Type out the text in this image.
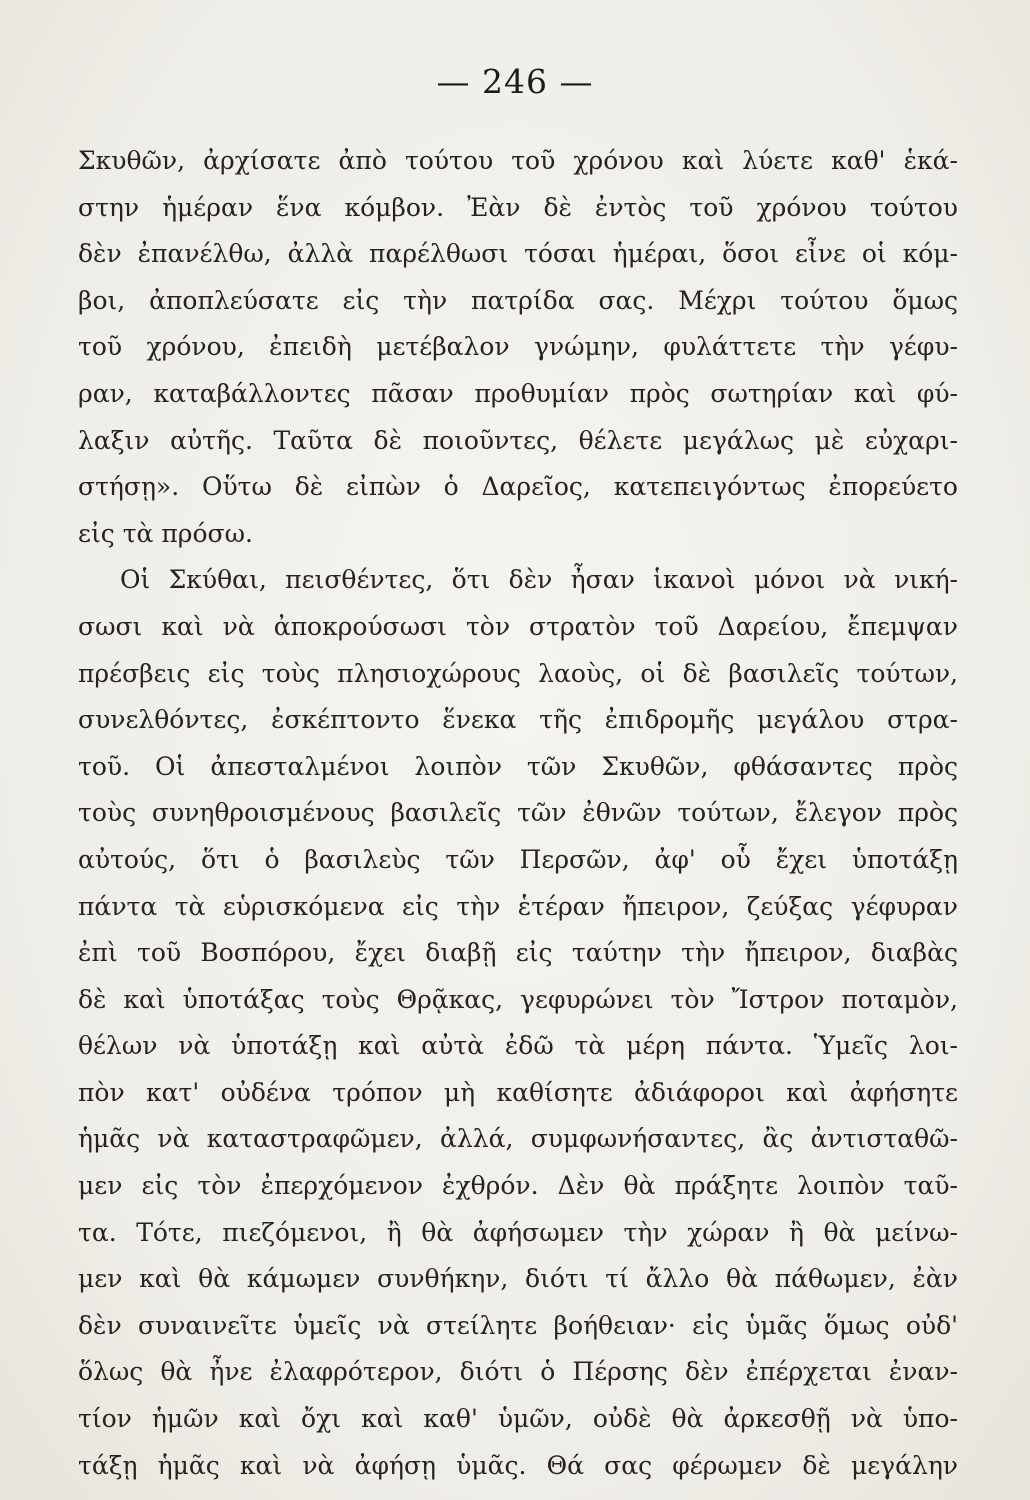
— 246 —
Σκυθῶν, ἀρχίσατε ἀπὸ τούτου τοῦ χρόνου καὶ λύετε καθ' ἑκά-
στην ἡμέραν ἕνα κόμβον. Ἐὰν δὲ ἐντὸς τοῦ χρόνου τούτου
δὲν ἐπανέλθω, ἀλλὰ παρέλθωσι τόσαι ἡμέραι, ὅσοι εἶνε οἱ κόμ-
βοι, ἀποπλεύσατε εἰς τὴν πατρίδα σας. Μέχρι τούτου ὅμως
τοῦ χρόνου, ἐπειδὴ μετέβαλον γνώμην, φυλάττετε τὴν γέφυ-
ραν, καταβάλλοντες πᾶσαν προθυμίαν πρὸς σωτηρίαν καὶ φύ-
λαξιν αὐτῆς. Ταῦτα δὲ ποιοῦντες, θέλετε μεγάλως μὲ εὐχαρι-
στήσῃ». Οὕτω δὲ εἰπὼν ὁ Δαρεῖος, κατεπειγόντως ἐπορεύετο
εἰς τὰ πρόσω.
Οἱ Σκύθαι, πεισθέντες, ὅτι δὲν ἦσαν ἱκανοὶ μόνοι νὰ νική-
σωσι καὶ νὰ ἀποκρούσωσι τὸν στρατὸν τοῦ Δαρείου, ἔπεμψαν
πρέσβεις εἰς τοὺς πλησιοχώρους λαοὺς, οἱ δὲ βασιλεῖς τούτων,
συνελθόντες, ἐσκέπτοντο ἕνεκα τῆς ἐπιδρομῆς μεγάλου στρα-
τοῦ. Οἱ ἀπεσταλμένοι λοιπὸν τῶν Σκυθῶν, φθάσαντες πρὸς
τοὺς συνηθροισμένους βασιλεῖς τῶν ἐθνῶν τούτων, ἔλεγον πρὸς
αὐτούς, ὅτι ὁ βασιλεὺς τῶν Περσῶν, ἀφ' οὗ ἔχει ὑποτάξῃ
πάντα τὰ εὑρισκόμενα εἰς τὴν ἑτέραν ἤπειρον, ζεύξας γέφυραν
ἐπὶ τοῦ Βοσπόρου, ἔχει διαβῇ εἰς ταύτην τὴν ἤπειρον, διαβὰς
δὲ καὶ ὑποτάξας τοὺς Θρᾷκας, γεφυρώνει τὸν Ἴστρον ποταμὸν,
θέλων νὰ ὑποτάξῃ καὶ αὐτὰ ἐδῶ τὰ μέρη πάντα. Ὑμεῖς λοι-
πὸν κατ' οὐδένα τρόπον μὴ καθίσητε ἀδιάφοροι καὶ ἀφήσητε
ἡμᾶς νὰ καταστραφῶμεν, ἀλλά, συμφωνήσαντες, ἂς ἀντισταθῶ-
μεν εἰς τὸν ἐπερχόμενον ἐχθρόν. Δὲν θὰ πράξητε λοιπὸν ταῦ-
τα. Τότε, πιεζόμενοι, ἢ θὰ ἀφήσωμεν τὴν χώραν ἢ θὰ μείνω-
μεν καὶ θὰ κάμωμεν συνθήκην, διότι τί ἄλλο θὰ πάθωμεν, ἐὰν
δὲν συναινεῖτε ὑμεῖς νὰ στείλητε βοήθειαν· εἰς ὑμᾶς ὅμως οὐδ'
ὅλως θὰ ἦνε ἐλαφρότερον, διότι ὁ Πέρσης δὲν ἐπέρχεται ἐναν-
τίον ἡμῶν καὶ ὄχι καὶ καθ' ὑμῶν, οὐδὲ θὰ ἀρκεσθῇ νὰ ὑπο-
τάξῃ ἡμᾶς καὶ νὰ ἀφήσῃ ὑμᾶς. Θά σας φέρωμεν δὲ μεγάλην
